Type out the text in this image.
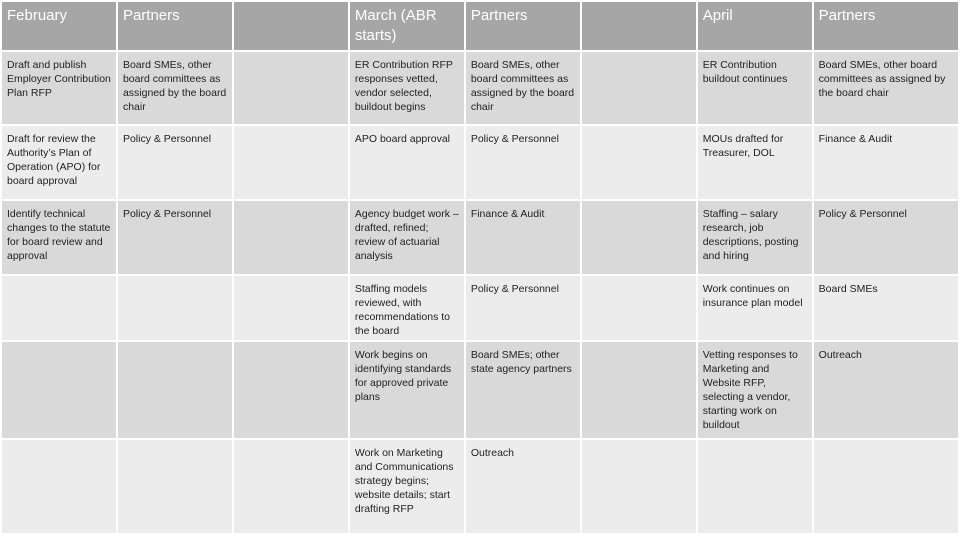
February	Partners		March (ABR starts)	Partners		April	Partners
Draft and publish Employer Contribution Plan RFP	Board SMEs, other board committees as assigned by the board chair		ER Contribution RFP responses vetted, vendor selected, buildout begins	Board SMEs, other board committees as assigned by the board chair		ER Contribution buildout continues	Board SMEs, other board committees as assigned by the board chair
Draft for review the Authority’s Plan of Operation (APO) for board approval	Policy & Personnel		APO board approval	Policy & Personnel		MOUs drafted for Treasurer, DOL	Finance & Audit
Identify technical changes to the statute for board review and approval	Policy & Personnel		Agency budget work – drafted, refined; review of actuarial analysis	Finance & Audit		Staffing – salary research, job descriptions, posting and hiring	Policy & Personnel
			Staffing models reviewed, with recommendations to the board	Policy & Personnel		Work continues on insurance plan model	Board SMEs
			Work begins on identifying standards for approved private plans	Board SMEs; other state agency partners		Vetting responses to Marketing and Website RFP, selecting a vendor, starting work on buildout	Outreach
			Work on Marketing and Communications strategy begins; website details; start drafting RFP	Outreach			
